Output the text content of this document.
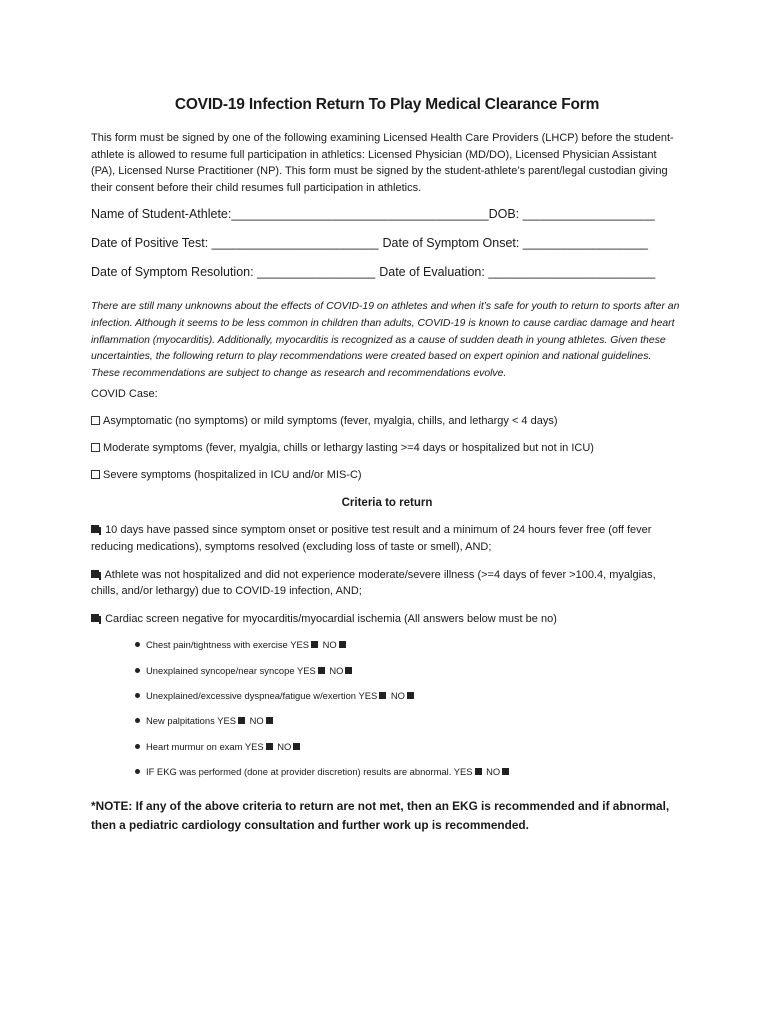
COVID-19 Infection Return To Play Medical Clearance Form

This form must be signed by one of the following examining Licensed Health Care Providers (LHCP) before the student-athlete is allowed to resume full participation in athletics: Licensed Physician (MD/DO), Licensed Physician Assistant (PA), Licensed Nurse Practitioner (NP). This form must be signed by the student-athlete’s parent/legal custodian giving their consent before their child resumes full participation in athletics.

Name of Student-Athlete:_____________________________________DOB: ___________________
Date of Positive Test: ________________________ Date of Symptom Onset: __________________
Date of Symptom Resolution: _________________ Date of Evaluation: ________________________

There are still many unknowns about the effects of COVID-19 on athletes and when it’s safe for youth to return to sports after an infection. Although it seems to be less common in children than adults, COVID-19 is known to cause cardiac damage and heart inflammation (myocarditis). Additionally, myocarditis is recognized as a cause of sudden death in young athletes. Given these uncertainties, the following return to play recommendations were created based on expert opinion and national guidelines. These recommendations are subject to change as research and recommendations evolve.

COVID Case:
Asymptomatic (no symptoms) or mild symptoms (fever, myalgia, chills, and lethargy < 4 days)
Moderate symptoms (fever, myalgia, chills or lethargy lasting >=4 days or hospitalized but not in ICU)
Severe symptoms (hospitalized in ICU and/or MIS-C)
Criteria to return

10 days have passed since symptom onset or positive test result and a minimum of 24 hours fever free (off fever reducing medications), symptoms resolved (excluding loss of taste or smell), AND;

Athlete was not hospitalized and did not experience moderate/severe illness (>=4 days of fever >100.4, myalgias, chills, and/or lethargy) due to COVID-19 infection, AND;

Cardiac screen negative for myocarditis/myocardial ischemia (All answers below must be no)

Chest pain/tightness with exercise YES NO
Unexplained syncope/near syncope YES NO
Unexplained/excessive dyspnea/fatigue w/exertion YES NO
New palpitations YES NO
Heart murmur on exam YES NO
IF EKG was performed (done at provider discretion) results are abnormal. YES NO

*NOTE: If any of the above criteria to return are not met, then an EKG is recommended and if abnormal, then a pediatric cardiology consultation and further work up is recommended.
